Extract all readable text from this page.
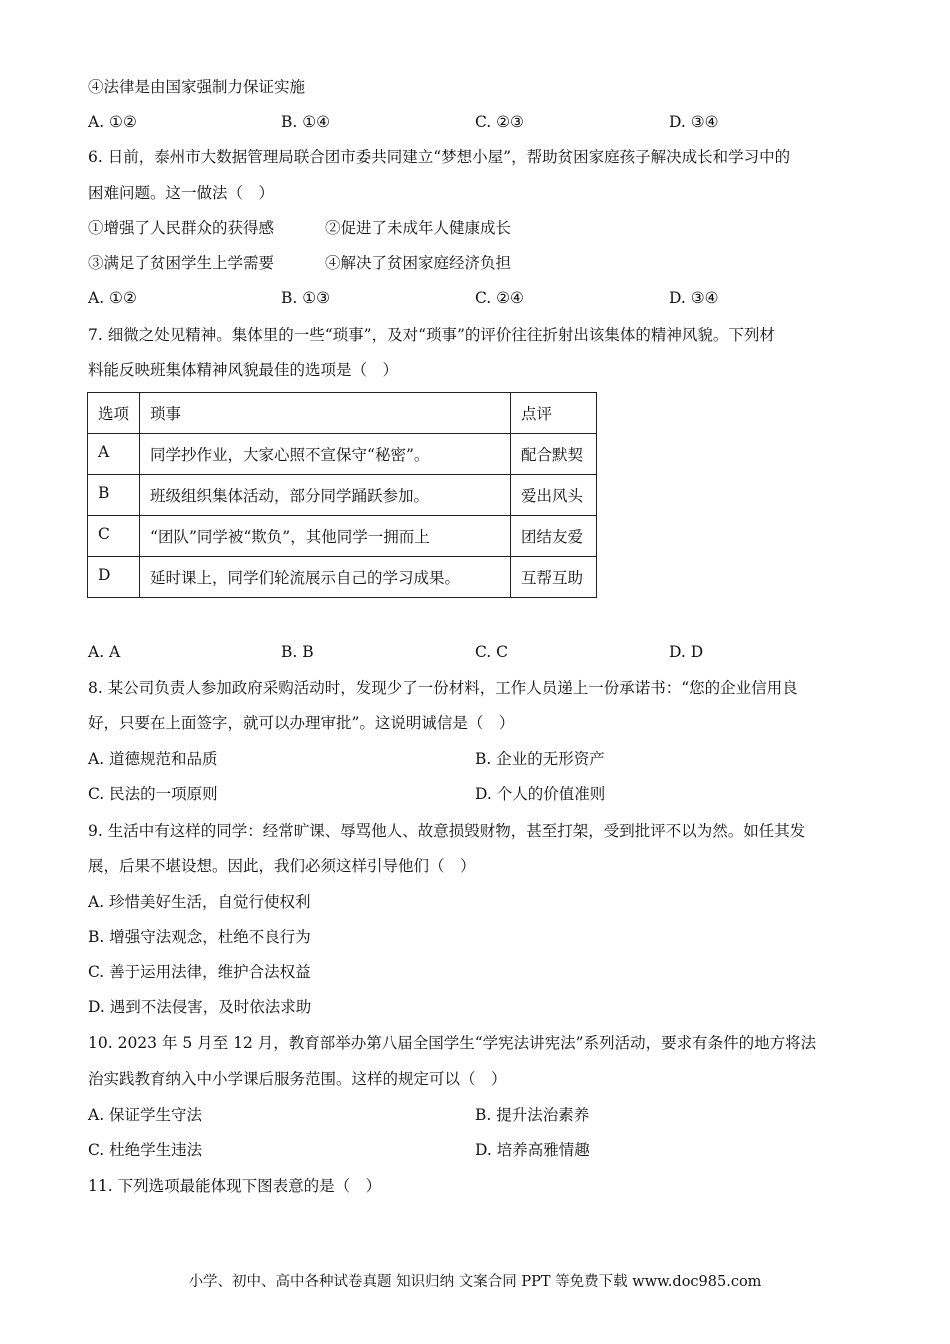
④法律是由国家强制力保证实施
A. ①②	B. ①④	C. ②③	D. ③④
6. 日前，泰州市大数据管理局联合团市委共同建立“梦想小屋”，帮助贫困家庭孩子解决成长和学习中的
困难问题。这一做法（　）
①增强了人民群众的获得感	②促进了未成年人健康成长
③满足了贫困学生上学需要	④解决了贫困家庭经济负担
A. ①②	B. ①③	C. ②④	D. ③④
7. 细微之处见精神。集体里的一些“琐事”，及对“琐事”的评价往往折射出该集体的精神风貌。下列材
料能反映班集体精神风貌最佳的选项是（　）
选项	琐事	点评
A	同学抄作业，大家心照不宣保守“秘密”。	配合默契
B	班级组织集体活动，部分同学踊跃参加。	爱出风头
C	“团队”同学被“欺负”，其他同学一拥而上	团结友爱
D	延时课上，同学们轮流展示自己的学习成果。	互帮互助
A. A	B. B	C. C	D. D
8. 某公司负责人参加政府采购活动时，发现少了一份材料，工作人员递上一份承诺书：“您的企业信用良
好，只要在上面签字，就可以办理审批”。这说明诚信是（　）
A. 道德规范和品质	B. 企业的无形资产
C. 民法的一项原则	D. 个人的价值准则
9. 生活中有这样的同学：经常旷课、辱骂他人、故意损毁财物，甚至打架，受到批评不以为然。如任其发
展，后果不堪设想。因此，我们必须这样引导他们（　）
A. 珍惜美好生活，自觉行使权利
B. 增强守法观念，杜绝不良行为
C. 善于运用法律，维护合法权益
D. 遇到不法侵害，及时依法求助
10. 2023 年 5 月至 12 月，教育部举办第八届全国学生“学宪法讲宪法”系列活动，要求有条件的地方将法
治实践教育纳入中小学课后服务范围。这样的规定可以（　）
A. 保证学生守法	B. 提升法治素养
C. 杜绝学生违法	D. 培养高雅情趣
11. 下列选项最能体现下图表意的是（　）
小学、初中、高中各种试卷真题 知识归纳 文案合同 PPT 等免费下载 www.doc985.com
